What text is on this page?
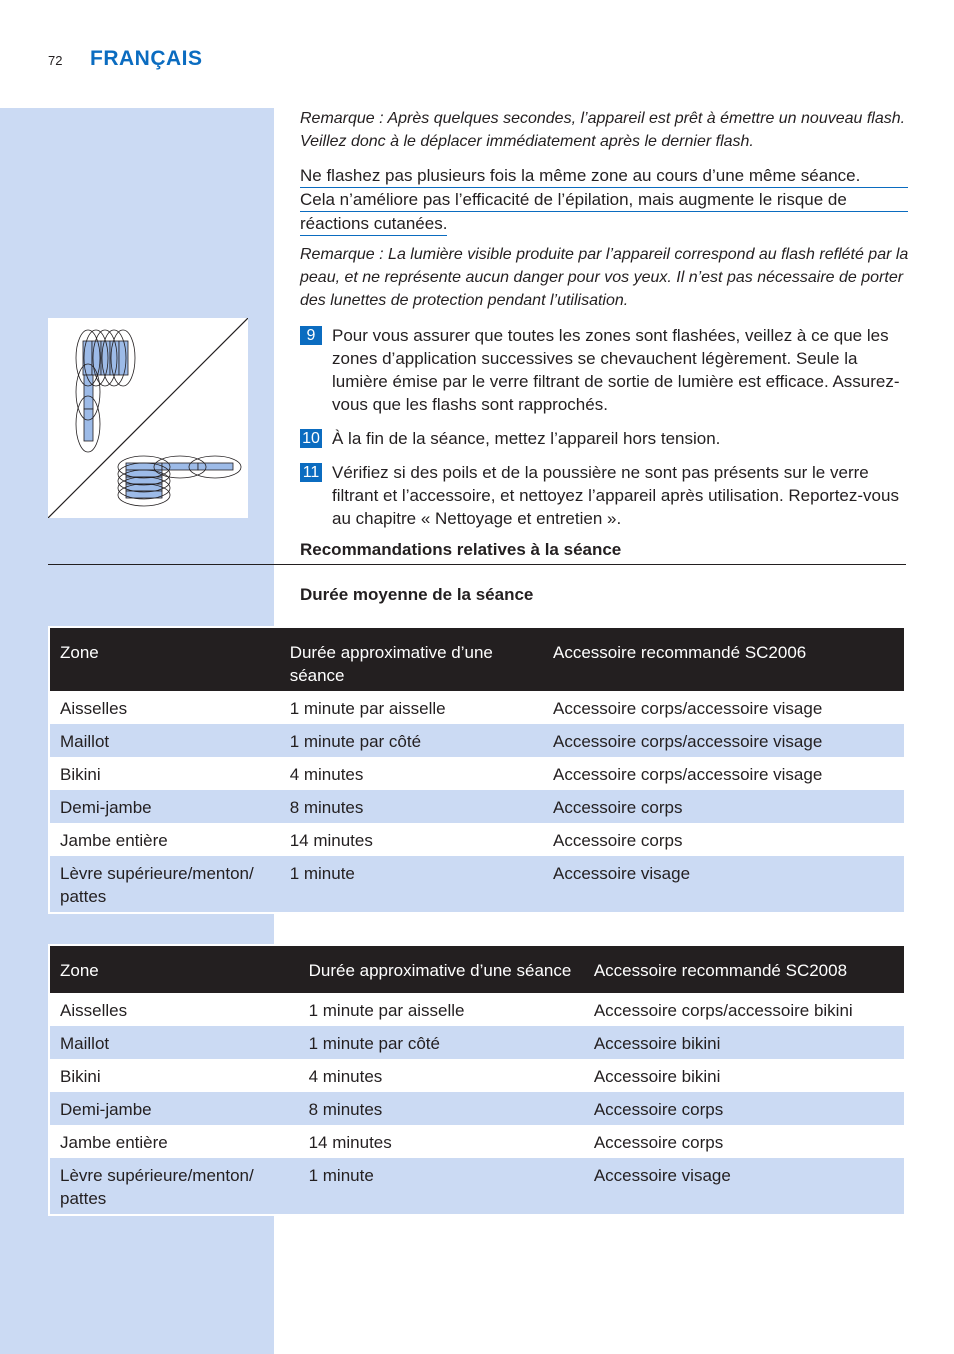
72 FRANÇAIS
Remarque : Après quelques secondes, l’appareil est prêt à émettre un nouveau flash. Veillez donc à le déplacer immédiatement après le dernier flash.
Ne flashez pas plusieurs fois la même zone au cours d’une même séance.
Cela n’améliore pas l’efficacité de l’épilation, mais augmente le risque de
réactions cutanées.
Remarque : La lumière visible produite par l’appareil correspond au flash reflété par la peau, et ne représente aucun danger pour vos yeux. Il n’est pas nécessaire de porter des lunettes de protection pendant l’utilisation.
9 Pour vous assurer que toutes les zones sont flashées, veillez à ce que les zones d’application successives se chevauchent légèrement. Seule la lumière émise par le verre filtrant de sortie de lumière est efficace. Assurez-vous que les flashs sont rapprochés.
10 À la fin de la séance, mettez l’appareil hors tension.
11 Vérifiez si des poils et de la poussière ne sont pas présents sur le verre filtrant et l’accessoire, et nettoyez l’appareil après utilisation. Reportez-vous au chapitre « Nettoyage et entretien ».
Recommandations relatives à la séance
Durée moyenne de la séance
Zone	Durée approximative d’une séance	Accessoire recommandé SC2006
Aisselles	1 minute par aisselle	Accessoire corps/accessoire visage
Maillot	1 minute par côté	Accessoire corps/accessoire visage
Bikini	4 minutes	Accessoire corps/accessoire visage
Demi-jambe	8 minutes	Accessoire corps
Jambe entière	14 minutes	Accessoire corps
Lèvre supérieure/menton/ pattes	1 minute	Accessoire visage
Zone	Durée approximative d’une séance	Accessoire recommandé SC2008
Aisselles	1 minute par aisselle	Accessoire corps/accessoire bikini
Maillot	1 minute par côté	Accessoire bikini
Bikini	4 minutes	Accessoire bikini
Demi-jambe	8 minutes	Accessoire corps
Jambe entière	14 minutes	Accessoire corps
Lèvre supérieure/menton/ pattes	1 minute	Accessoire visage
